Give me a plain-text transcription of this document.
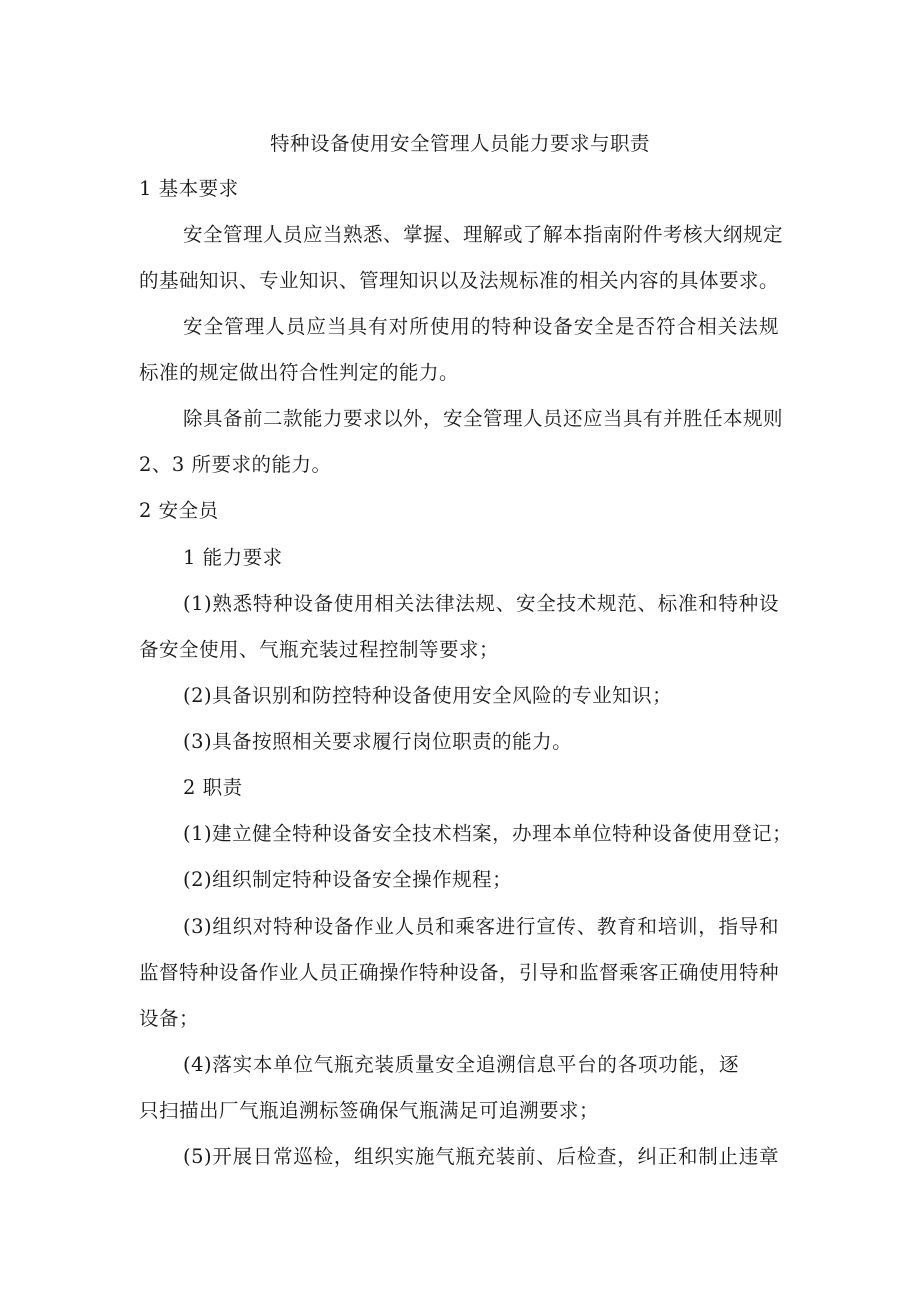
特种设备使用安全管理人员能力要求与职责
1 基本要求
安全管理人员应当熟悉、掌握、理解或了解本指南附件考核大纲规定
的基础知识、专业知识、管理知识以及法规标准的相关内容的具体要求。
安全管理人员应当具有对所使用的特种设备安全是否符合相关法规
标准的规定做出符合性判定的能力。
除具备前二款能力要求以外，安全管理人员还应当具有并胜任本规则
2、3 所要求的能力。
2 安全员
1 能力要求
(1)熟悉特种设备使用相关法律法规、安全技术规范、标准和特种设
备安全使用、气瓶充装过程控制等要求；
(2)具备识别和防控特种设备使用安全风险的专业知识；
(3)具备按照相关要求履行岗位职责的能力。
2 职责
(1)建立健全特种设备安全技术档案，办理本单位特种设备使用登记；
(2)组织制定特种设备安全操作规程；
(3)组织对特种设备作业人员和乘客进行宣传、教育和培训，指导和
监督特种设备作业人员正确操作特种设备，引导和监督乘客正确使用特种
设备；
(4)落实本单位气瓶充装质量安全追溯信息平台的各项功能，逐
只扫描出厂气瓶追溯标签确保气瓶满足可追溯要求；
(5)开展日常巡检，组织实施气瓶充装前、后检查，纠正和制止违章
